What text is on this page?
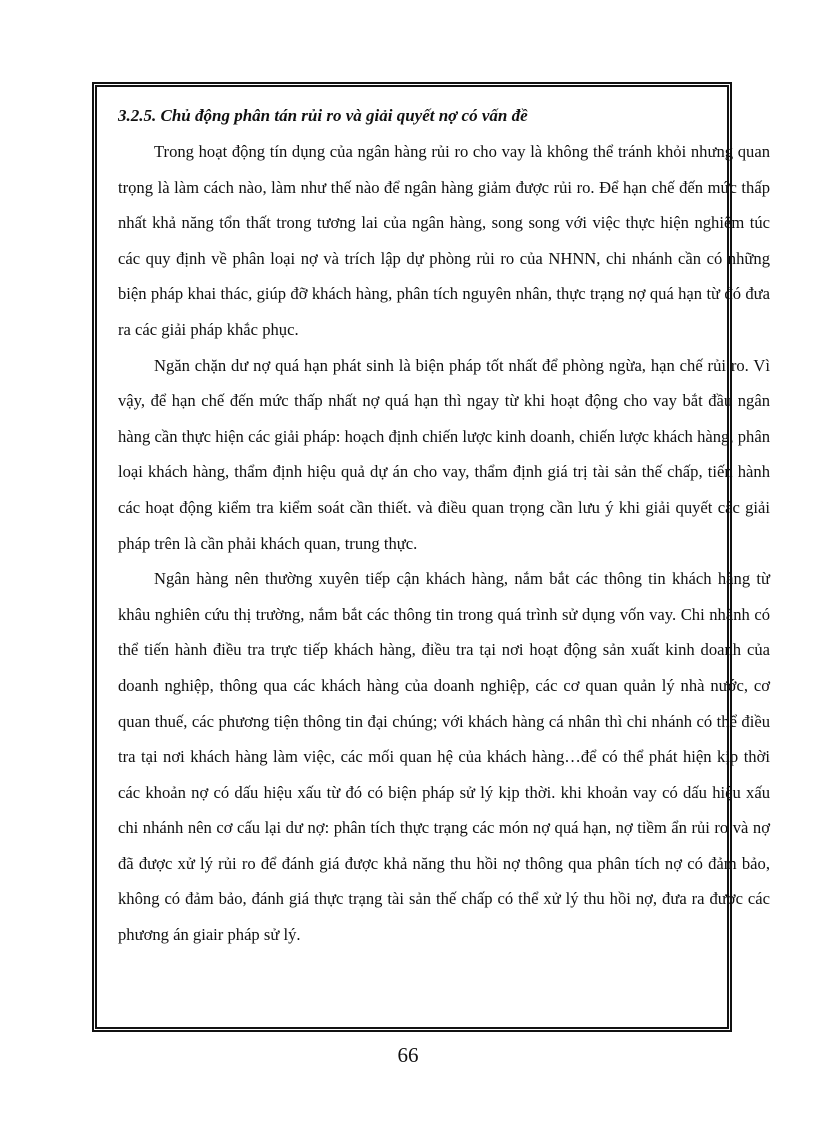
3.2.5. Chủ động phân tán rủi ro và giải quyết nợ có vấn đề

Trong hoạt động tín dụng của ngân hàng rủi ro cho vay là không thể tránh khỏi nhưng quan trọng là làm cách nào, làm như thế nào để ngân hàng giảm được rủi ro. Để hạn chế đến mức thấp nhất khả năng tổn thất trong tương lai của ngân hàng, song song với việc thực hiện nghiêm túc các quy định về phân loại nợ và trích lập dự phòng rủi ro của NHNN, chi nhánh cần có những biện pháp khai thác, giúp đỡ khách hàng, phân tích nguyên nhân, thực trạng nợ quá hạn từ đó đưa ra các giải pháp khắc phục.

Ngăn chặn dư nợ quá hạn phát sinh là biện pháp tốt nhất để phòng ngừa, hạn chế rủi ro. Vì vậy, để hạn chế đến mức thấp nhất nợ quá hạn thì ngay từ khi hoạt động cho vay bắt đầu ngân hàng cần thực hiện các giải pháp: hoạch định chiến lược kinh doanh, chiến lược khách hàng, phân loại khách hàng, thẩm định hiệu quả dự án cho vay, thẩm định giá trị tài sản thế chấp, tiến hành các hoạt động kiểm tra kiểm soát cần thiết. và điều quan trọng cần lưu ý khi giải quyết các giải pháp trên là cần phải khách quan, trung thực.

Ngân hàng nên thường xuyên tiếp cận khách hàng, nắm bắt các thông tin khách hàng từ khâu nghiên cứu thị trường, nắm bắt các thông tin trong quá trình sử dụng vốn vay. Chi nhánh có thể tiến hành điều tra trực tiếp khách hàng, điều tra tại nơi hoạt động sản xuất kinh doanh của doanh nghiệp, thông qua các khách hàng của doanh nghiệp, các cơ quan quản lý nhà nước, cơ quan thuế, các phương tiện thông tin đại chúng; với khách hàng cá nhân thì chi nhánh có thể điều tra tại nơi khách hàng làm việc, các mối quan hệ của khách hàng…để có thể phát hiện kịp thời các khoản nợ có dấu hiệu xấu từ đó có biện pháp sử lý kịp thời. khi khoản vay có dấu hiệu xấu chi nhánh nên cơ cấu lại dư nợ: phân tích thực trạng các món nợ quá hạn, nợ tiềm ẩn rủi ro và nợ đã được xử lý rủi ro để đánh giá được khả năng thu hồi nợ thông qua phân tích nợ có đảm bảo, không có đảm bảo, đánh giá thực trạng tài sản thế chấp có thể xử lý thu hồi nợ, đưa ra được các phương án giair pháp sử lý.

66
